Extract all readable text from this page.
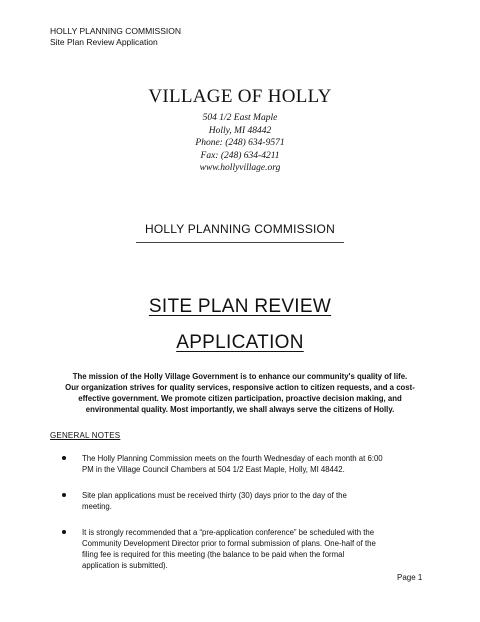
HOLLY PLANNING COMMISSION
Site Plan Review Application
VILLAGE OF HOLLY
504 1/2 East Maple
Holly, MI 48442
Phone: (248) 634-9571
Fax: (248) 634-4211
www.hollyvillage.org
HOLLY PLANNING COMMISSION
SITE PLAN REVIEW
APPLICATION
The mission of the Holly Village Government is to enhance our community's quality of life.
Our organization strives for quality services, responsive action to citizen requests, and a cost-
effective government. We promote citizen participation, proactive decision making, and
environmental quality. Most importantly, we shall always serve the citizens of Holly.
GENERAL NOTES
The Holly Planning Commission meets on the fourth Wednesday of each month at 6:00
PM in the Village Council Chambers at 504 1/2 East Maple, Holly, MI 48442.
Site plan applications must be received thirty (30) days prior to the day of the
meeting.
It is strongly recommended that a “pre-application conference” be scheduled with the
Community Development Director prior to formal submission of plans. One-half of the
filing fee is required for this meeting (the balance to be paid when the formal
application is submitted).
Page 1
